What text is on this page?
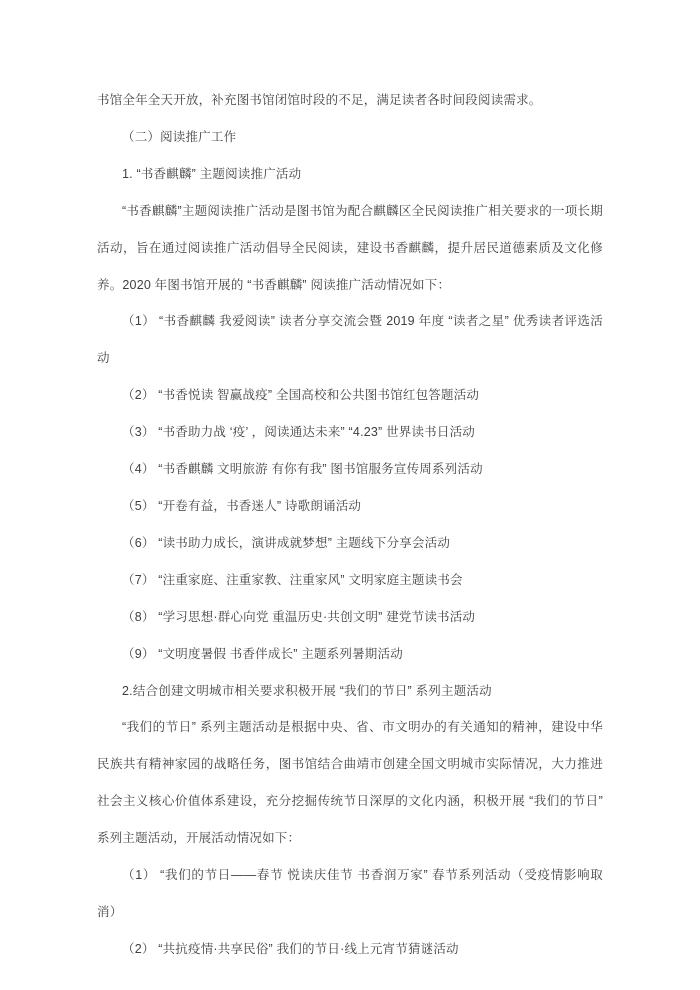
书馆全年全天开放，补充图书馆闭馆时段的不足，满足读者各时间段阅读需求。

（二）阅读推广工作

1. “书香麒麟” 主题阅读推广活动

“书香麒麟”主题阅读推广活动是图书馆为配合麒麟区全民阅读推广相关要求的一项长期活动，旨在通过阅读推广活动倡导全民阅读，建设书香麒麟，提升居民道德素质及文化修养。2020 年图书馆开展的 “书香麒麟” 阅读推广活动情况如下：

（1） “书香麒麟 我爱阅读” 读者分享交流会暨 2019 年度 “读者之星” 优秀读者评选活动

（2） “书香悦读 智赢战疫” 全国高校和公共图书馆红包答题活动

（3） “书香助力战 ‘疫’ ，阅读通达未来” “4.23” 世界读书日活动

（4） “书香麒麟 文明旅游 有你有我” 图书馆服务宣传周系列活动

（5） “开卷有益，书香迷人” 诗歌朗诵活动

（6） “读书助力成长，演讲成就梦想” 主题线下分享会活动

（7） “注重家庭、注重家教、注重家风” 文明家庭主题读书会

（8） “学习思想·群心向党 重温历史·共创文明” 建党节读书活动

（9） “文明度暑假 书香伴成长” 主题系列暑期活动

2.结合创建文明城市相关要求积极开展 “我们的节日” 系列主题活动

“我们的节日” 系列主题活动是根据中央、省、市文明办的有关通知的精神，建设中华民族共有精神家园的战略任务，图书馆结合曲靖市创建全国文明城市实际情况，大力推进社会主义核心价值体系建设，充分挖掘传统节日深厚的文化内涵，积极开展 “我们的节日” 系列主题活动，开展活动情况如下：

（1） “我们的节日——春节 悦读庆佳节 书香润万家” 春节系列活动（受疫情影响取消）

（2） “共抗疫情·共享民俗” 我们的节日·线上元宵节猜谜活动
